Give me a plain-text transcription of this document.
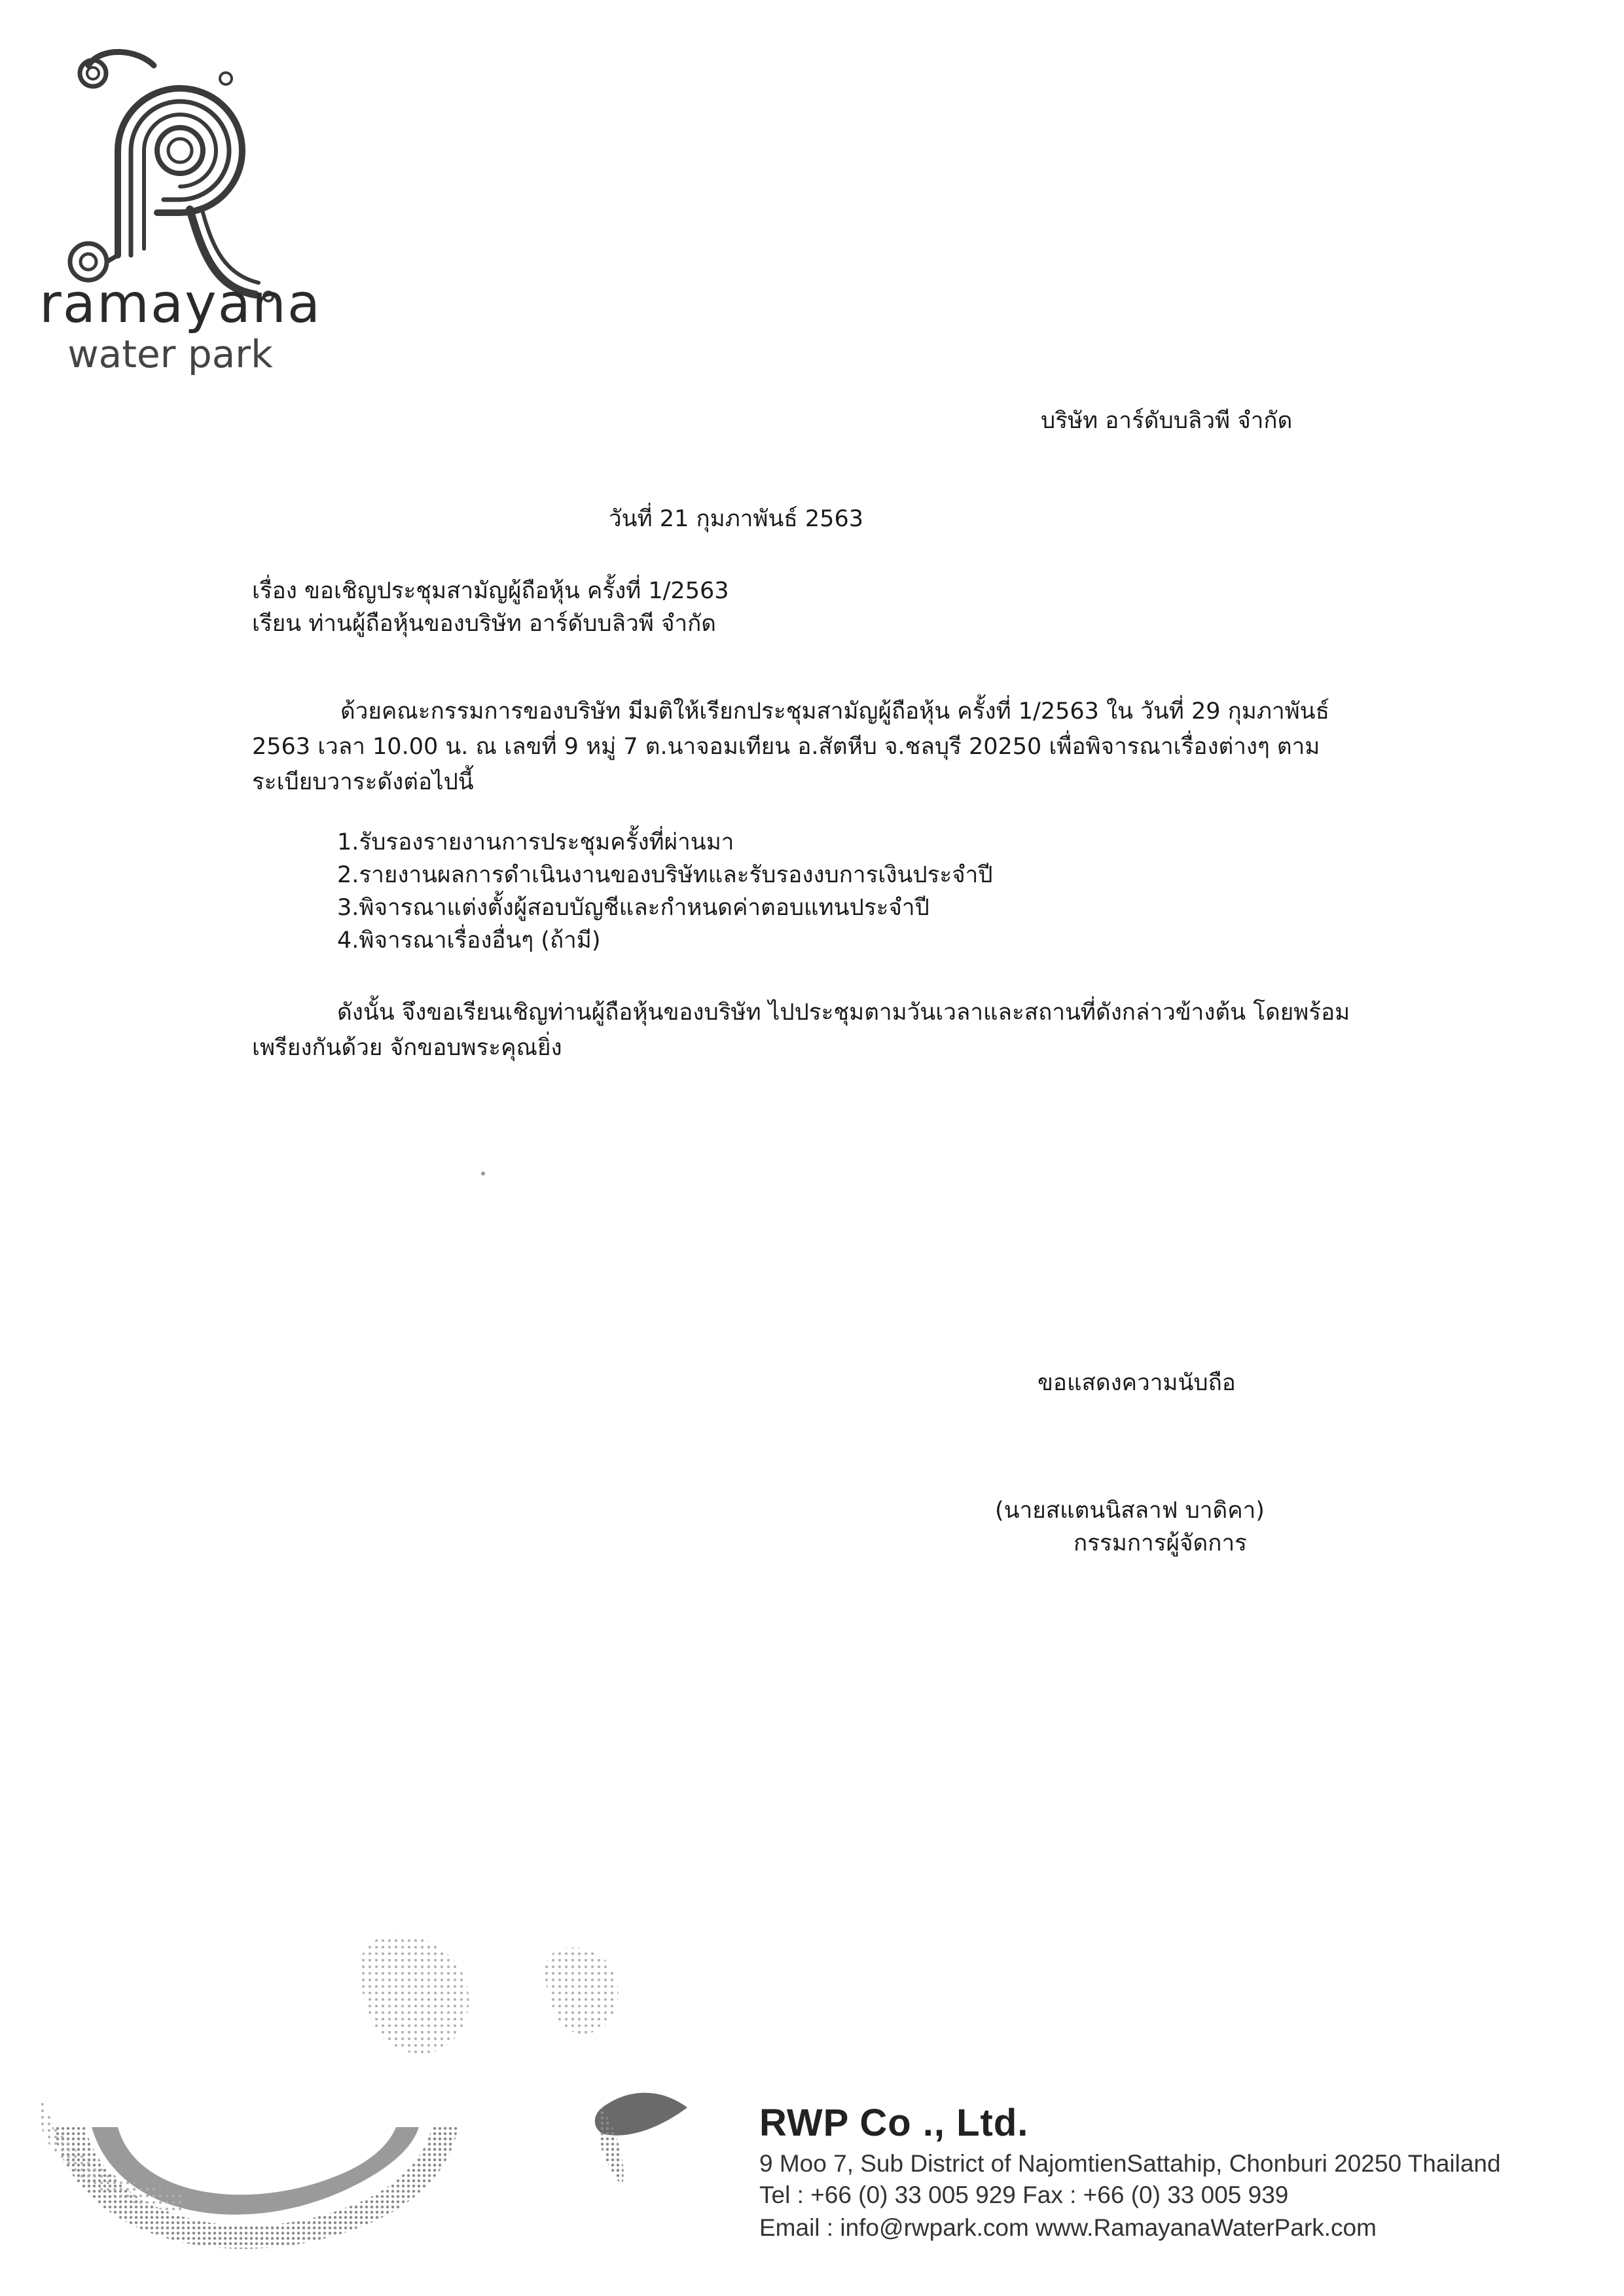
ramayana
water park
บริษัท อาร์ดับบลิวพี จำกัด
วันที่ 21 กุมภาพันธ์ 2563
เรื่อง ขอเชิญประชุมสามัญผู้ถือหุ้น ครั้งที่ 1/2563
เรียน ท่านผู้ถือหุ้นของบริษัท อาร์ดับบลิวพี จำกัด
ด้วยคณะกรรมการของบริษัท มีมติให้เรียกประชุมสามัญผู้ถือหุ้น ครั้งที่ 1/2563 ใน วันที่ 29 กุมภาพันธ์ 2563 เวลา 10.00 น. ณ เลขที่ 9 หมู่ 7 ต.นาจอมเทียน อ.สัตหีบ จ.ชลบุรี 20250 เพื่อพิจารณาเรื่องต่างๆ ตามระเบียบวาระดังต่อไปนี้
1.รับรองรายงานการประชุมครั้งที่ผ่านมา
2.รายงานผลการดำเนินงานของบริษัทและรับรองงบการเงินประจำปี
3.พิจารณาแต่งตั้งผู้สอบบัญชีและกำหนดค่าตอบแทนประจำปี
4.พิจารณาเรื่องอื่นๆ (ถ้ามี)
ดังนั้น จึงขอเรียนเชิญท่านผู้ถือหุ้นของบริษัท ไปประชุมตามวันเวลาและสถานที่ดังกล่าวข้างต้น โดยพร้อมเพรียงกันด้วย จักขอบพระคุณยิ่ง
ขอแสดงความนับถือ
(นายสแตนนิสลาฟ บาดิคา)
กรรมการผู้จัดการ
RWP Co ., Ltd.
9 Moo 7, Sub District of NajomtienSattahip, Chonburi 20250 Thailand
Tel : +66 (0) 33 005 929 Fax : +66 (0) 33 005 939
Email : info@rwpark.com www.RamayanaWaterPark.com
